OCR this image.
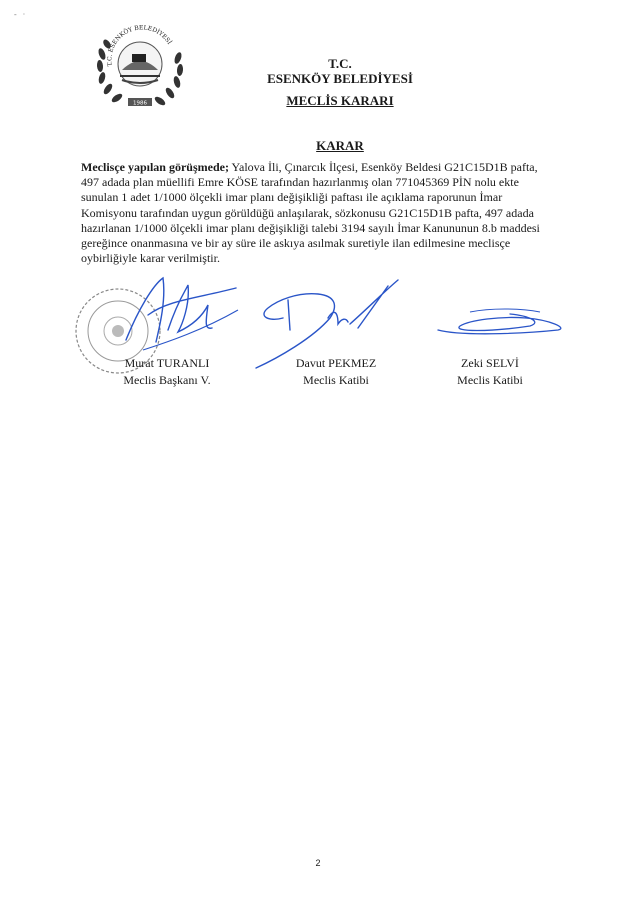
-   ·
1986
T.C. ESENKÖY BELEDİYESİ
T.C.
ESENKÖY BELEDİYESİ
MECLİS KARARI
KARAR
Meclisçe yapılan görüşmede; Yalova İli, Çınarcık İlçesi, Esenköy Beldesi G21C15D1B pafta, 497 adada plan müellifi Emre KÖSE tarafından hazırlanmış olan 771045369 PİN nolu ekte sunulan 1 adet 1/1000 ölçekli imar planı değişikliği paftası ile açıklama raporunun İmar Komisyonu tarafından uygun görüldüğü anlaşılarak, sözkonusu G21C15D1B pafta, 497 adada hazırlanan 1/1000 ölçekli imar planı değişikliği talebi 3194 sayılı İmar Kanununun 8.b maddesi gereğince onanmasına ve bir ay süre ile askıya asılmak suretiyle ilan edilmesine meclisçe oybirliğiyle karar verilmiştir.
Murat TURANLI
Meclis Başkanı V.
Davut PEKMEZ
Meclis Katibi
Zeki SELVİ
Meclis Katibi
2
